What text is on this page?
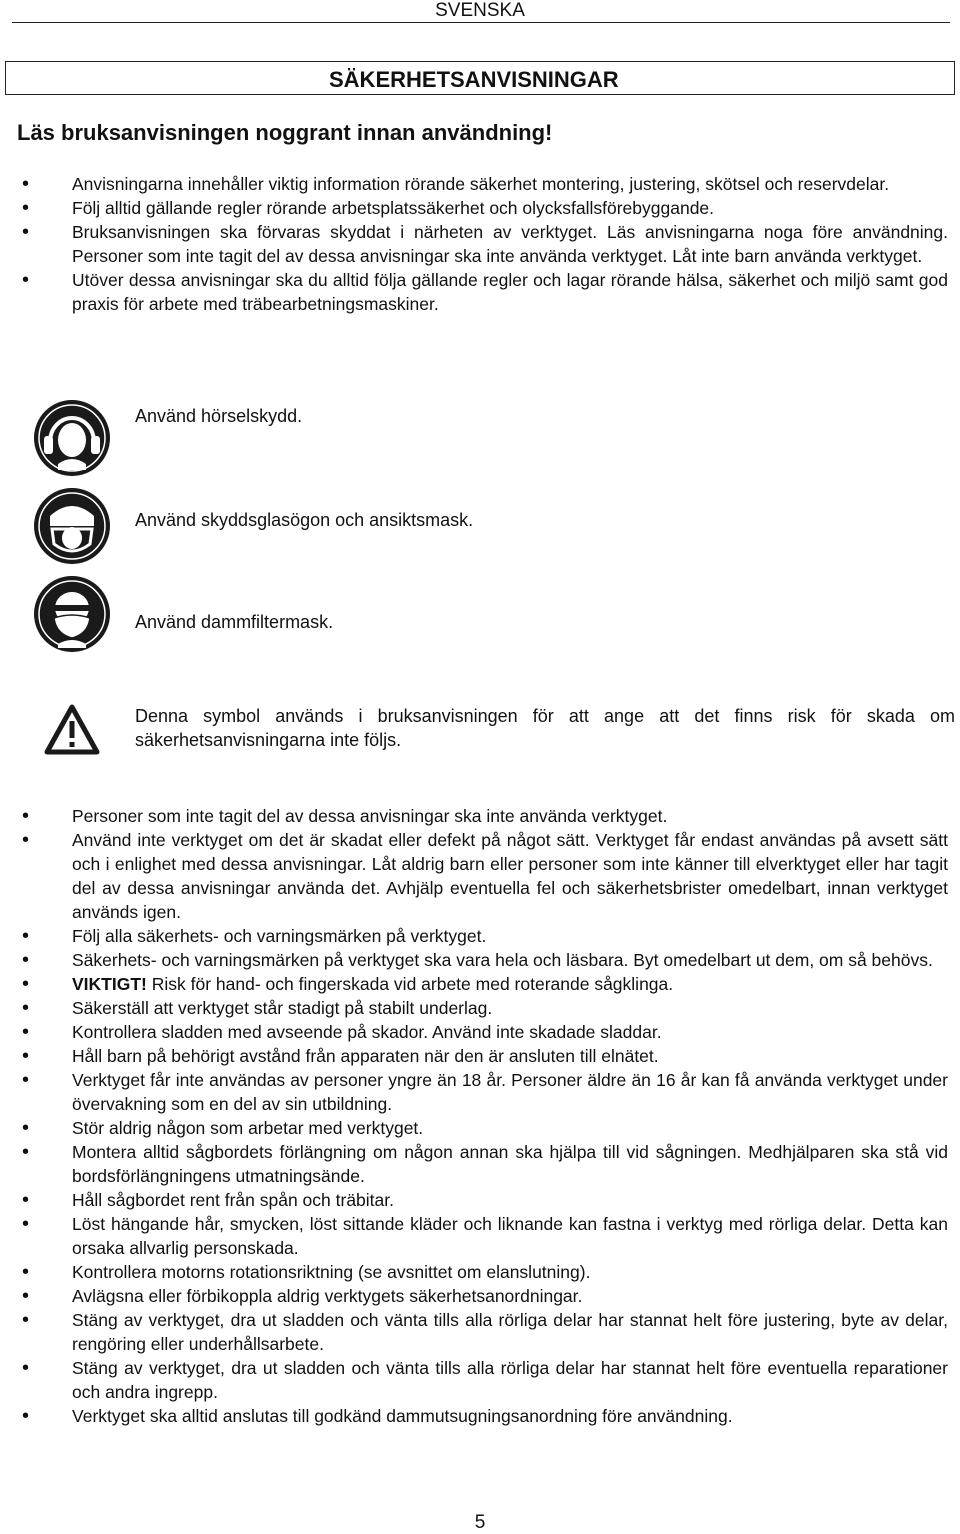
SVENSKA
SÄKERHETSANVISNINGAR
Läs bruksanvisningen noggrant innan användning!
• Anvisningarna innehåller viktig information rörande säkerhet montering, justering, skötsel och reservdelar.
• Följ alltid gällande regler rörande arbetsplatssäkerhet och olycksfallsförebyggande.
• Bruksanvisningen ska förvaras skyddat i närheten av verktyget. Läs anvisningarna noga före användning. Personer som inte tagit del av dessa anvisningar ska inte använda verktyget. Låt inte barn använda verktyget.
• Utöver dessa anvisningar ska du alltid följa gällande regler och lagar rörande hälsa, säkerhet och miljö samt god praxis för arbete med träbearbetningsmaskiner.
Använd hörselskydd.
Använd skyddsglasögon och ansiktsmask.
Använd dammfiltermask.
Denna symbol används i bruksanvisningen för att ange att det finns risk för skada om säkerhetsanvisningarna inte följs.
• Personer som inte tagit del av dessa anvisningar ska inte använda verktyget.
• Använd inte verktyget om det är skadat eller defekt på något sätt. Verktyget får endast användas på avsett sätt och i enlighet med dessa anvisningar. Låt aldrig barn eller personer som inte känner till elverktyget eller har tagit del av dessa anvisningar använda det. Avhjälp eventuella fel och säkerhetsbrister omedelbart, innan verktyget används igen.
• Följ alla säkerhets- och varningsmärken på verktyget.
• Säkerhets- och varningsmärken på verktyget ska vara hela och läsbara. Byt omedelbart ut dem, om så behövs.
• VIKTIGT! Risk för hand- och fingerskada vid arbete med roterande sågklinga.
• Säkerställ att verktyget står stadigt på stabilt underlag.
• Kontrollera sladden med avseende på skador. Använd inte skadade sladdar.
• Håll barn på behörigt avstånd från apparaten när den är ansluten till elnätet.
• Verktyget får inte användas av personer yngre än 18 år. Personer äldre än 16 år kan få använda verktyget under övervakning som en del av sin utbildning.
• Stör aldrig någon som arbetar med verktyget.
• Montera alltid sågbordets förlängning om någon annan ska hjälpa till vid sågningen. Medhjälparen ska stå vid bordsförlängningens utmatningsände.
• Håll sågbordet rent från spån och träbitar.
• Löst hängande hår, smycken, löst sittande kläder och liknande kan fastna i verktyg med rörliga delar. Detta kan orsaka allvarlig personskada.
• Kontrollera motorns rotationsriktning (se avsnittet om elanslutning).
• Avlägsna eller förbikoppla aldrig verktygets säkerhetsanordningar.
• Stäng av verktyget, dra ut sladden och vänta tills alla rörliga delar har stannat helt före justering, byte av delar, rengöring eller underhållsarbete.
• Stäng av verktyget, dra ut sladden och vänta tills alla rörliga delar har stannat helt före eventuella reparationer och andra ingrepp.
• Verktyget ska alltid anslutas till godkänd dammutsugningsanordning före användning.
5
